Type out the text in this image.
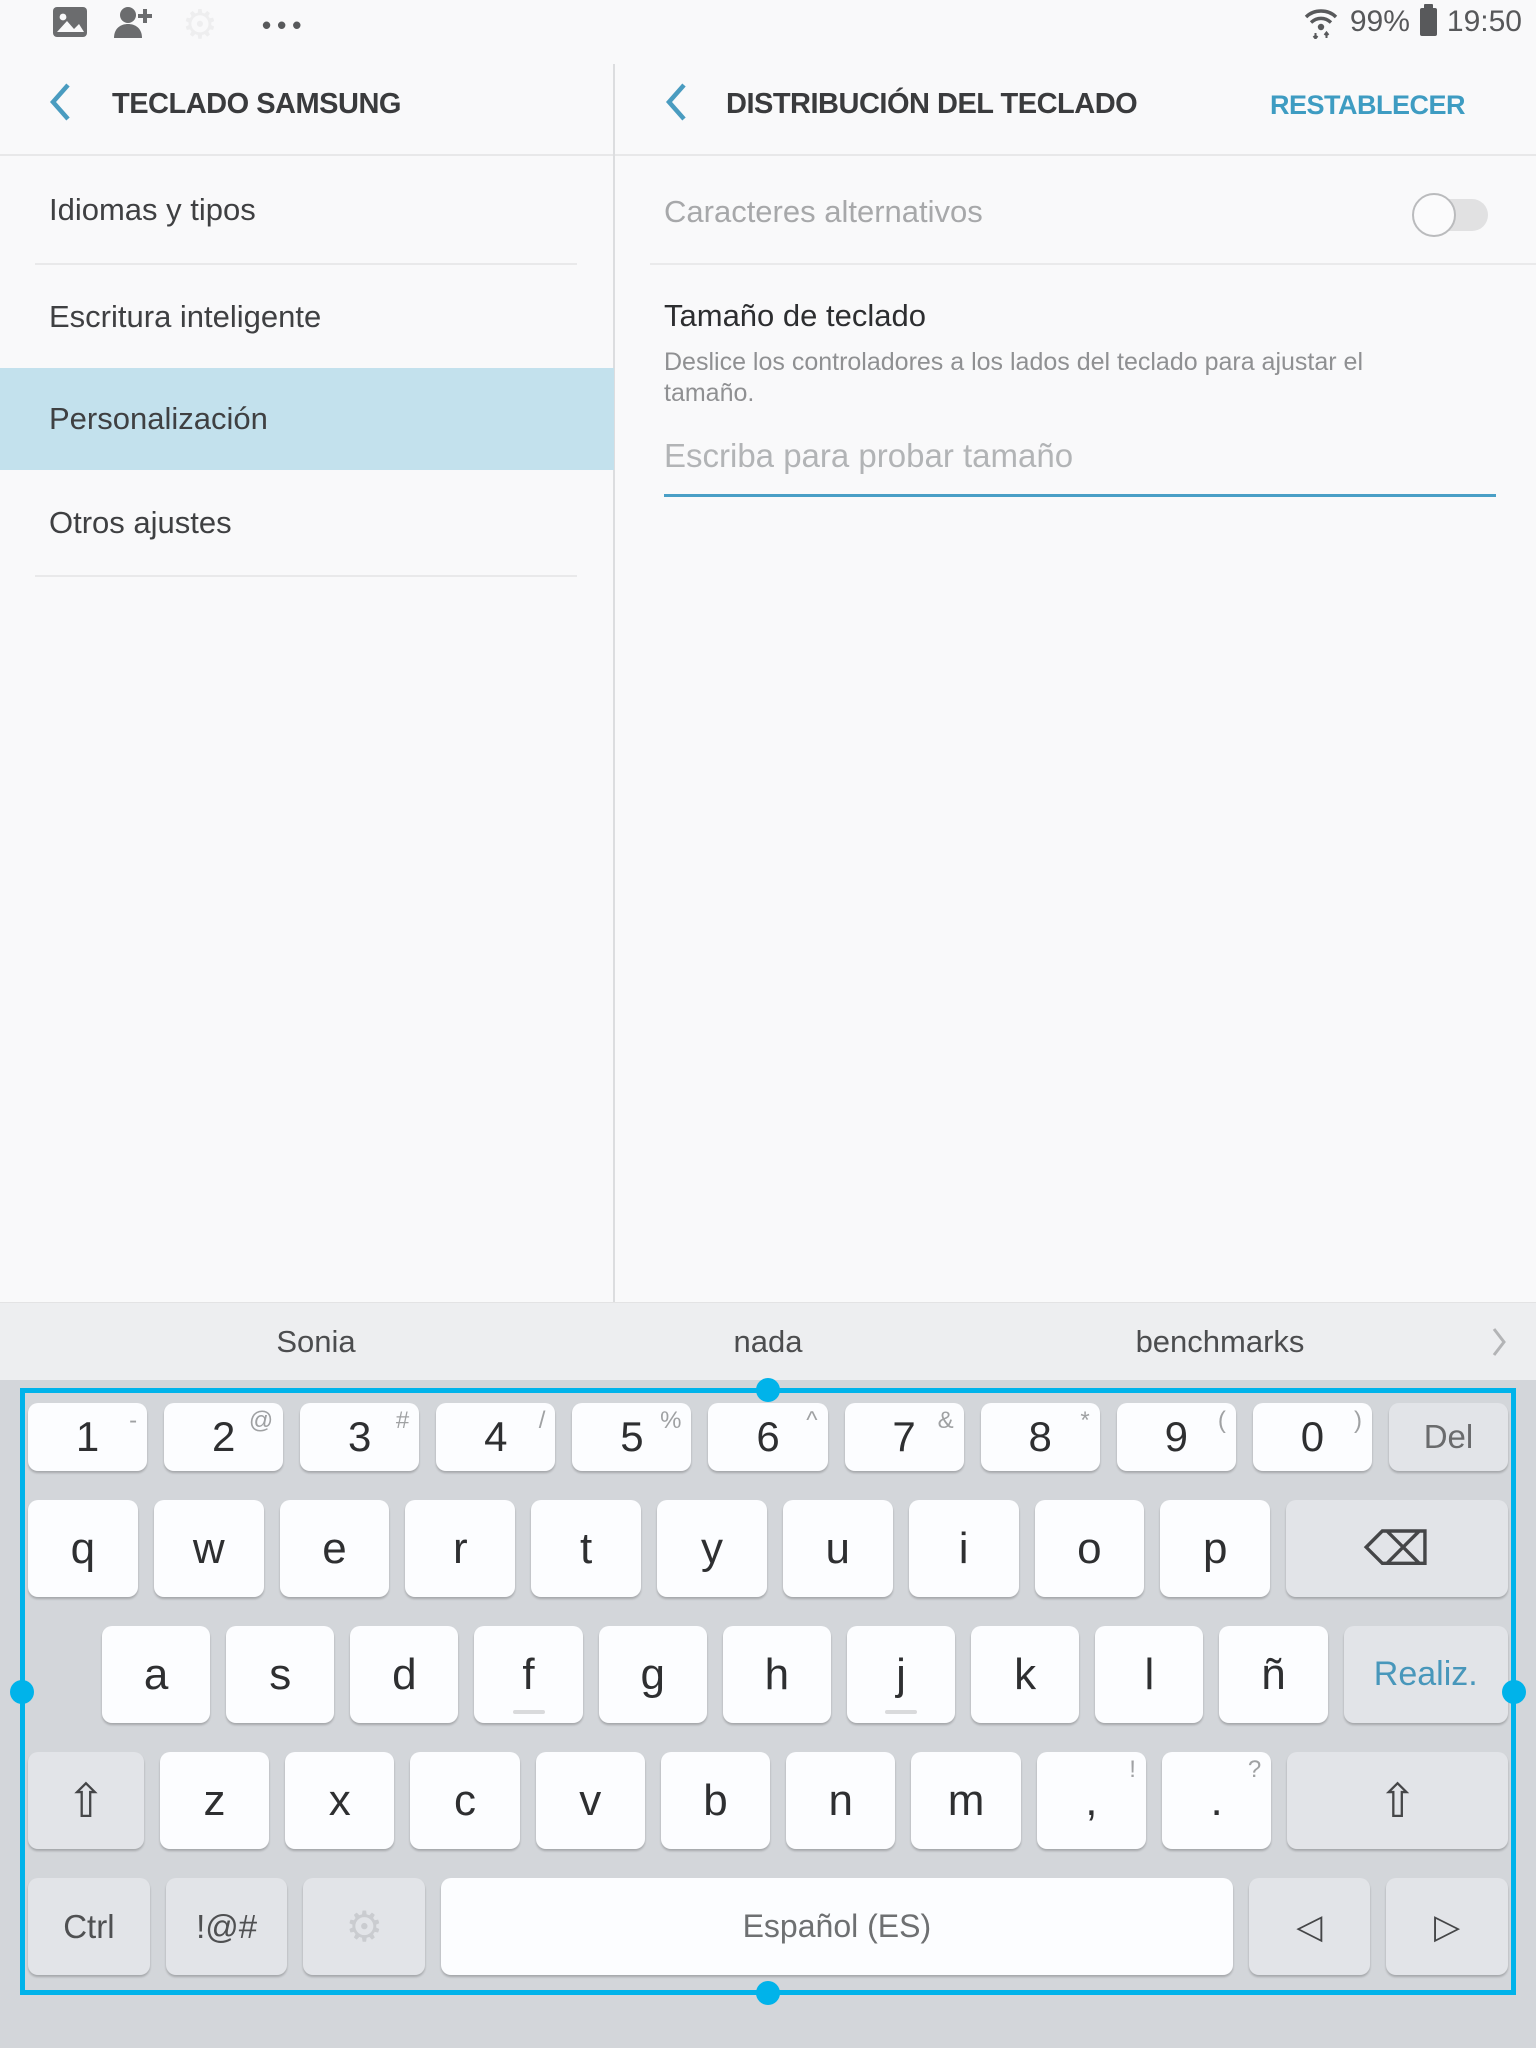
⚙ •••	99% 19:50
TECLADO SAMSUNG	DISTRIBUCIÓN DEL TECLADO	RESTABLECER
Idiomas y tipos
Escritura inteligente
Personalización
Otros ajustes
Caracteres alternativos
Tamaño de teclado
Deslice los controladores a los lados del teclado para ajustar el tamaño.
Escriba para probar tamaño
Sonia	nada	benchmarks
1 - 2 @ 3 # 4 / 5 % 6 ^ 7 & 8 * 9 ( 0 ) Del
q w e r	t y u i o p	⌫
a s d f g h j k l ñ	Realiz.
⇧ z x c v b n m ,
!
.
?
⇧
Ctrl !@# ⚙	Español (ES)	◁	▷
